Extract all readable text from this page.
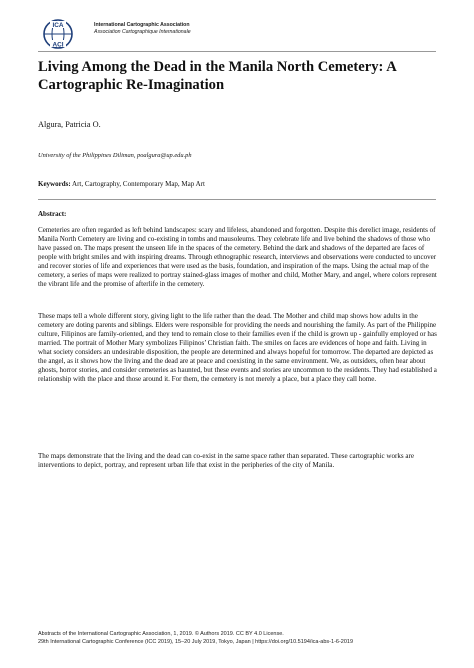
ICA
ACI
International Cartographic Association
Association Cartographique Internationale
Living Among the Dead in the Manila North Cemetery: A Cartographic Re-Imagination
Algura, Patricia O.
University of the Philippines Diliman, poalgura@up.edu.ph
Keywords: Art, Cartography, Contemporary Map, Map Art
Abstract:

Cemeteries are often regarded as left behind landscapes: scary and lifeless, abandoned and forgotten. Despite this derelict image, residents of Manila North Cemetery are living and co-existing in tombs and mausoleums. They celebrate life and live behind the shadows of those who have passed on. The maps present the unseen life in the spaces of the cemetery. Behind the dark and shadows of the departed are faces of people with bright smiles and with inspiring dreams. Through ethnographic research, interviews and observations were conducted to uncover and recover stories of life and experiences that were used as the basis, foundation, and inspiration of the maps. Using the actual map of the cemetery, a series of maps were realized to portray stained-glass images of mother and child, Mother Mary, and angel, where colors represent the vibrant life and the promise of afterlife in the cemetery.

These maps tell a whole different story, giving light to the life rather than the dead. The Mother and child map shows how adults in the cemetery are doting parents and siblings. Elders were responsible for providing the needs and nourishing the family. As part of the Philippine culture, Filipinos are family-oriented, and they tend to remain close to their families even if the child is grown up - gainfully employed or has married. The portrait of Mother Mary symbolizes Filipinos’ Christian faith. The smiles on faces are evidences of hope and faith. Living in what society considers an undesirable disposition, the people are determined and always hopeful for tomorrow. The departed are depicted as the angel, as it shows how the living and the dead are at peace and coexisting in the same environment. We, as outsiders, often hear about ghosts, horror stories, and consider cemeteries as haunted, but these events and stories are uncommon to the residents. They had established a relationship with the place and those around it. For them, the cemetery is not merely a place, but a place they call home.

The maps demonstrate that the living and the dead can co-exist in the same space rather than separated. These cartographic works are interventions to depict, portray, and represent urban life that exist in the peripheries of the city of Manila.

Abstracts of the International Cartographic Association, 1, 2019. © Authors 2019. CC BY 4.0 License.
29th International Cartographic Conference (ICC 2019), 15–20 July 2019, Tokyo, Japan | https://doi.org/10.5194/ica-abs-1-6-2019
